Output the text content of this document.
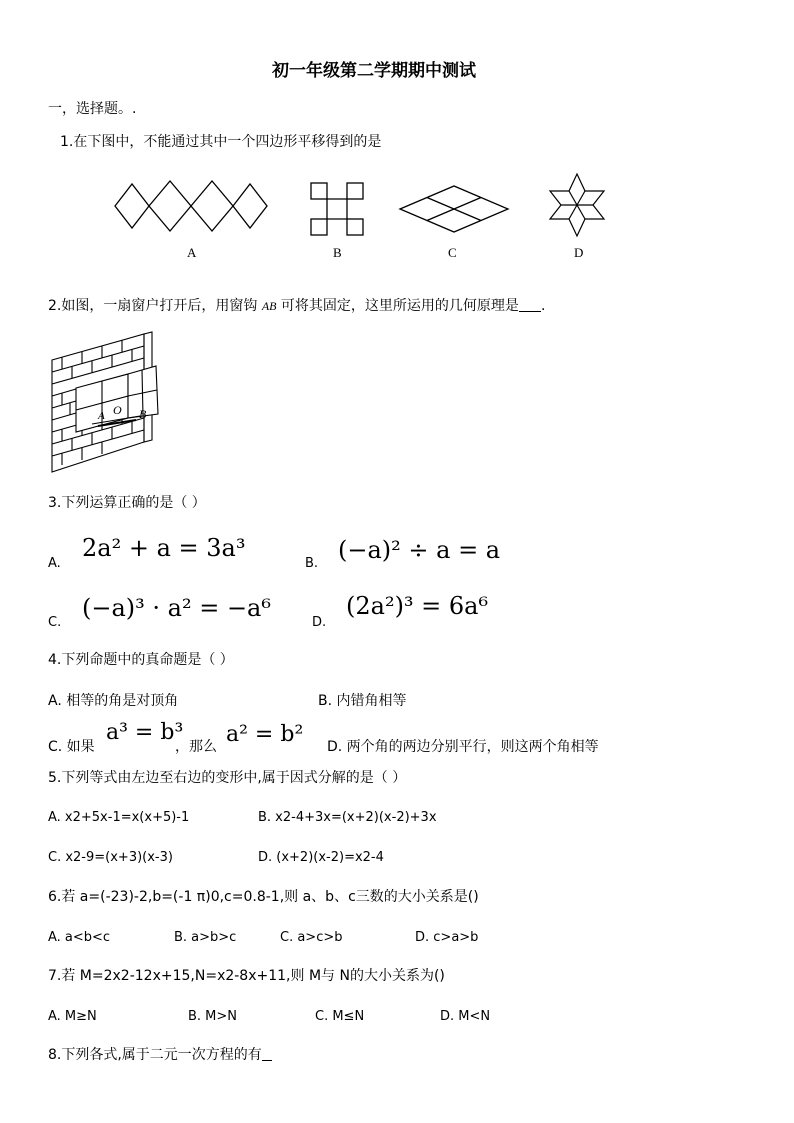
初一年级第二学期期中测试
一，选择题。.
1.在下图中，不能通过其中一个四边形平移得到的是
A	B	C	D
2.如图，一扇窗户打开后，用窗钩 AB 可将其固定，这里所运用的几何原理是 .
A O B
3.下列运算正确的是（ ）
A.
2a² + a = 3a³
B. (−a)² ÷ a = a
C.
(−a)³ · a² = −a⁶
D.
(2a²)³ = 6a⁶
4.下列命题中的真命题是（ ）
A. 相等的角是对顶角	B. 内错角相等
C. 如果
a³ = b³
，那么 a² = b² D. 两个角的两边分别平行，则这两个角相等
5.下列等式由左边至右边的变形中,属于因式分解的是（ ）
A. x2+5x-1=x(x+5)-1	B. x2-4+3x=(x+2)(x-2)+3x
C. x2-9=(x+3)(x-3)	D. (x+2)(x-2)=x2-4
6.若 a=(-23)-2,b=(-1 π)0,c=0.8-1,则 a、b、c三数的大小关系是()
A. a<b<c	B. a>b>c	C. a>c>b	D. c>a>b
7.若 M=2x2-12x+15,N=x2-8x+11,则 M与 N的大小关系为()
A. M≥N	B. M>N	C. M≤N	D. M<N
8.下列各式,属于二元一次方程的有
